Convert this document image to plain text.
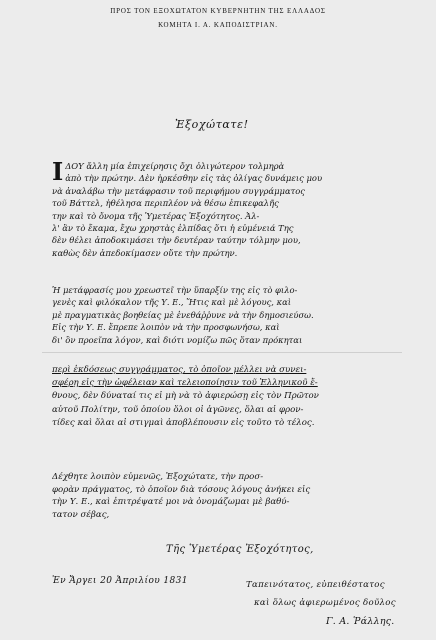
ΠΡΟΣ ΤΟΝ ΕΞΟΧΩΤΑΤΟΝ ΚΥΒΕΡΝΗΤΗΝ ΤΗΣ ΕΛΛΑΔΟΣ
ΚΟΜΗΤΑ Ι. Α. ΚΑΠΟΔΙΣΤΡΙΑΝ.
Ἐξοχώτατε!
Ι ΔΟΥ ἄλλη μία ἐπιχείρησις ὄχι ὀλιγώτερον τολμηρὰ
ἀπὸ τὴν πρώτην. Δὲν ἠρκέσθην εἰς τὰς ὀλίγας δυνάμεις μου
νὰ ἀναλάβω τὴν μετάφρασιν τοῦ περιφήμου συγγράμματος
τοῦ Βάττελ, ἠθέλησα περιπλέον νὰ θέσω ἐπικεφαλῆς
την καὶ τὸ ὄνομα τῆς Ὑμετέρας Ἐξοχότητος. Ἀλ-
λ' ἂν τὸ ἔκαμα, ἔχω χρηστὰς ἐλπίδας ὅτι ἡ εὐμένειά Της
δὲν θέλει ἀποδοκιμάσει τὴν δευτέραν ταύτην τόλμην μου,
καθὼς δὲν ἀπεδοκίμασεν οὔτε τὴν πρώτην.
Ἡ μετάφρασίς μου χρεωστεῖ τὴν ὕπαρξίν της εἰς τὸ φιλο-
γενὲς καὶ φιλόκαλον τῆς Υ. Ε., Ἥτις καὶ μὲ λόγους, καὶ
μὲ πραγματικὰς βοηθείας μὲ ἐνεθάῤῥυνε νὰ τὴν δημοσιεύσω.
Εἰς τὴν Υ. Ε. ἔπρεπε λοιπὸν νὰ τὴν προσφωνήσω, καὶ
δι' ὃν προεῖπα λόγον, καὶ διότι νομίζω πῶς ὅταν πρόκηται
περὶ ἐκδόσεως συγγράμματος, τὸ ὁποῖον μέλλει νὰ συνει-
σφέρῃ εἰς τὴν ὠφέλειαν καὶ τελειοποίησιν τοῦ Ἑλληνικοῦ ἔ-
θνους, δὲν δύναταί τις εἰ μὴ νὰ τὸ ἀφιερώσῃ εἰς τὸν Πρῶτον
αὐτοῦ Πολίτην, τοῦ ὁποίου ὅλοι οἱ ἀγῶνες, ὅλαι αἱ φρον-
τίδες καὶ ὅλαι αἱ στιγμαὶ ἀποβλέπουσιν εἰς τοῦτο τὸ τέλος.
Δέχθητε λοιπὸν εὐμενῶς, Ἐξοχώτατε, τὴν προσ-
φορὰν πράγματος, τὸ ὁποῖον διὰ τόσους λόγους ἀνήκει εἰς
τὴν Υ. Ε., καὶ ἐπιτρέψατέ μοι νὰ ὀνομάζωμαι μὲ βαθύ-
τατον σέβας,
Τῆς Ὑμετέρας Ἐξοχότητος,
Ἐν Ἄργει 20 Ἀπριλίου 1831	Ταπεινότατος, εὐπειθέστατος
καὶ ὅλως ἀφιερωμένος δοῦλος
Γ. Α. Ῥάλλης.
